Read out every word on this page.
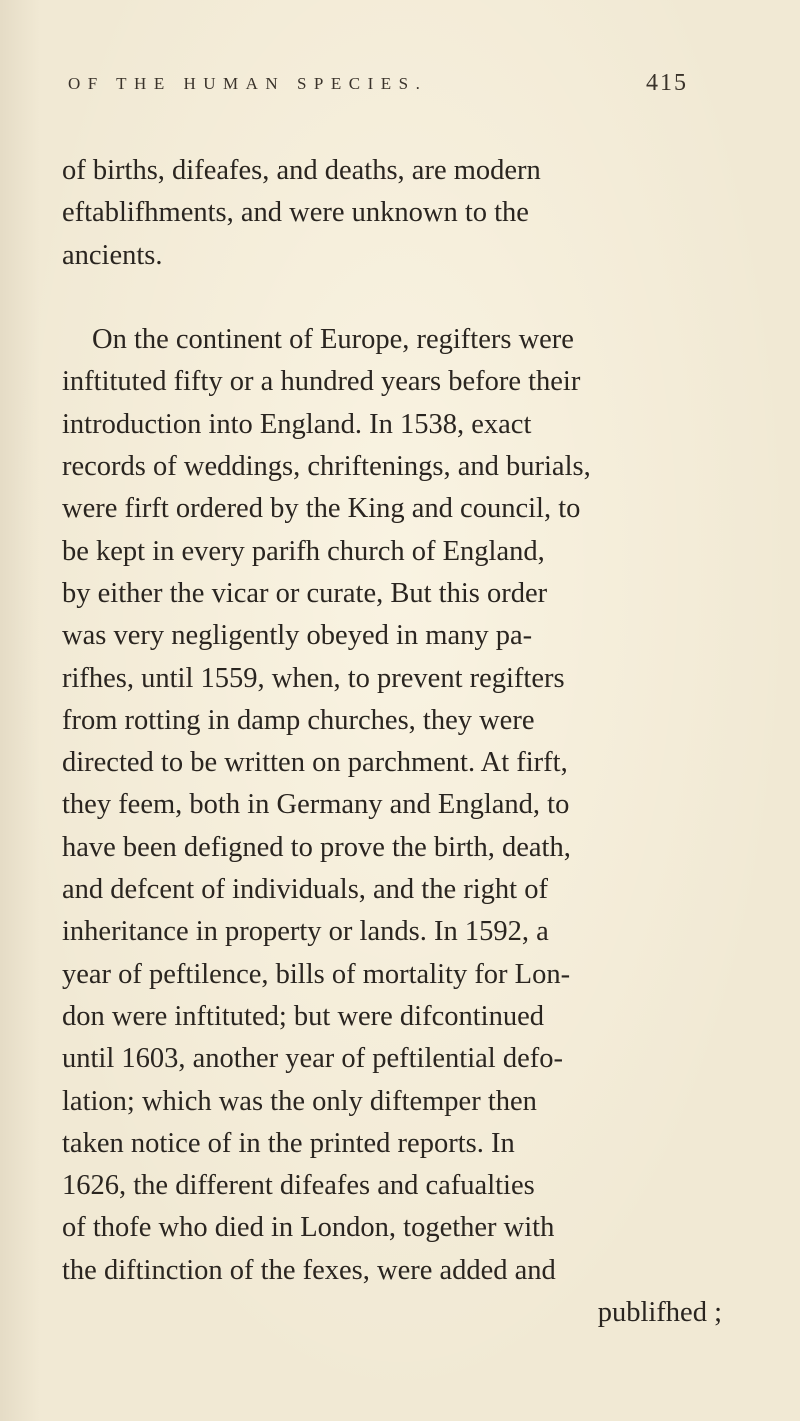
OF THE HUMAN SPECIES.	415
of births, difeafes, and deaths, are modern
eftablifhments, and were unknown to the
ancients.
On the continent of Europe, regifters were
inftituted fifty or a hundred years before their
introduction into England. In 1538, exact
records of weddings, chriftenings, and burials,
were firft ordered by the King and council, to
be kept in every parifh church of England,
by either the vicar or curate, But this order
was very negligently obeyed in many pa-
rifhes, until 1559, when, to prevent regifters
from rotting in damp churches, they were
directed to be written on parchment. At firft,
they feem, both in Germany and England, to
have been defigned to prove the birth, death,
and defcent of individuals, and the right of
inheritance in property or lands. In 1592, a
year of peftilence, bills of mortality for Lon-
don were inftituted; but were difcontinued
until 1603, another year of peftilential defo-
lation; which was the only diftemper then
taken notice of in the printed reports. In
1626, the different difeafes and cafualties
of thofe who died in London, together with
the diftinction of the fexes, were added and
publifhed ;
